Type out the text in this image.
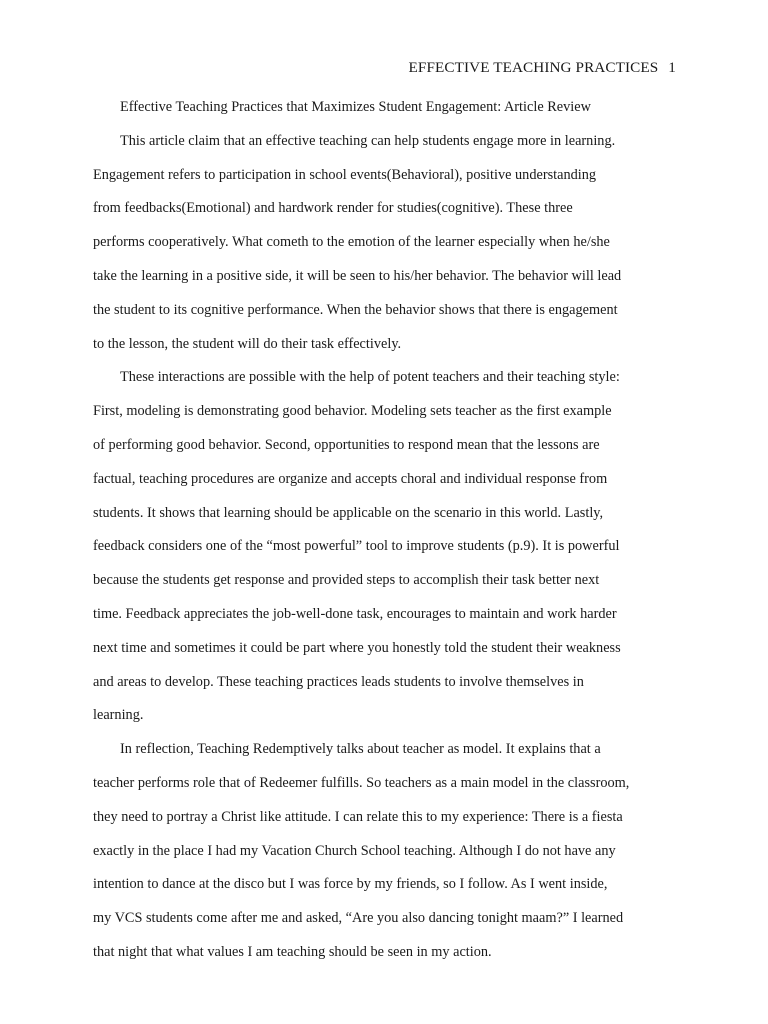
EFFECTIVE TEACHING PRACTICES 1
Effective Teaching Practices that Maximizes Student Engagement: Article Review
This article claim that an effective teaching can help students engage more in learning.
Engagement refers to participation in school events(Behavioral), positive understanding
from feedbacks(Emotional) and hardwork render for studies(cognitive). These three
performs cooperatively. What cometh to the emotion of the learner especially when he/she
take the learning in a positive side, it will be seen to his/her behavior. The behavior will lead
the student to its cognitive performance. When the behavior shows that there is engagement
to the lesson, the student will do their task effectively.
These interactions are possible with the help of potent teachers and their teaching style:
First, modeling is demonstrating good behavior. Modeling sets teacher as the first example
of performing good behavior. Second, opportunities to respond mean that the lessons are
factual, teaching procedures are organize and accepts choral and individual response from
students. It shows that learning should be applicable on the scenario in this world. Lastly,
feedback considers one of the “most powerful” tool to improve students (p.9). It is powerful
because the students get response and provided steps to accomplish their task better next
time. Feedback appreciates the job-well-done task, encourages to maintain and work harder
next time and sometimes it could be part where you honestly told the student their weakness
and areas to develop. These teaching practices leads students to involve themselves in
learning.
In reflection, Teaching Redemptively talks about teacher as model. It explains that a
teacher performs role that of Redeemer fulfills. So teachers as a main model in the classroom,
they need to portray a Christ like attitude. I can relate this to my experience: There is a fiesta
exactly in the place I had my Vacation Church School teaching. Although I do not have any
intention to dance at the disco but I was force by my friends, so I follow. As I went inside,
my VCS students come after me and asked, “Are you also dancing tonight maam?” I learned
that night that what values I am teaching should be seen in my action.
